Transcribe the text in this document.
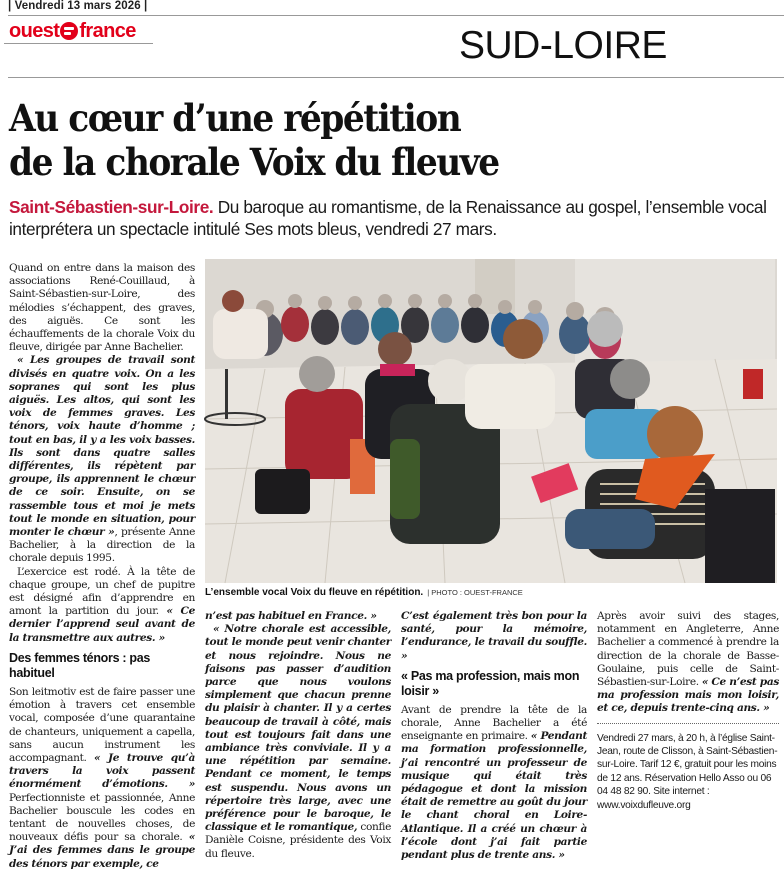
| Vendredi 13 mars 2026 |
ouest france	SUD-LOIRE
Au cœur d’une répétition
de la chorale Voix du fleuve
Saint-Sébastien-sur-Loire. Du baroque au romantisme, de la Renaissance au gospel, l’ensemble vocal interprétera un spectacle intitulé Ses mots bleus, vendredi 27 mars.

Quand on entre dans la maison des associations René-Couillaud, à Saint-Sébastien-sur-Loire, des mélodies s’échappent, des graves, des aiguës. Ce sont les échauffements de la chorale Voix du fleuve, dirigée par Anne Bachelier.

« Les groupes de travail sont divisés en quatre voix. On a les sopranes qui sont les plus aiguës. Les altos, qui sont les voix de femmes graves. Les ténors, voix haute d’homme ; tout en bas, il y a les voix basses. Ils sont dans quatre salles différentes, ils répètent par groupe, ils apprennent le chœur de ce soir. Ensuite, on se rassemble tous et moi je mets tout le monde en situation, pour monter le chœur », présente Anne Bachelier, à la direction de la chorale depuis 1995.

L’exercice est rodé. À la tête de chaque groupe, un chef de pupitre est désigné afin d’apprendre en amont la partition du jour. « Ce dernier l’apprend seul avant de la transmettre aux autres. »

Des femmes ténors : pas habituel

Son leitmotiv est de faire passer une émotion à travers cet ensemble vocal, composée d’une quarantaine de chanteurs, uniquement a capella, sans aucun instrument les accompagnant. « Je trouve qu’à travers la voix passent énormément d’émotions. » Perfectionniste et passionnée, Anne Bachelier bouscule les codes en tentant de nouvelles choses, de nouveaux défis pour sa chorale. « J’ai des femmes dans le groupe des ténors par exemple, ce

L’ensemble vocal Voix du fleuve en répétition. | PHOTO : OUEST-FRANCE

n’est pas habituel en France. »

« Notre chorale est accessible, tout le monde peut venir chanter et nous rejoindre. Nous ne faisons pas passer d’audition parce que nous voulons simplement que chacun prenne du plaisir à chanter. Il y a certes beaucoup de travail à côté, mais tout est toujours fait dans une ambiance très conviviale. Il y a une répétition par semaine. Pendant ce moment, le temps est suspendu. Nous avons un répertoire très large, avec une préférence pour le baroque, le classique et le romantique, confie Danièle Coisne, présidente des Voix du fleuve.

C’est également très bon pour la santé, pour la mémoire, l’endurance, le travail du souffle. »

« Pas ma profession, mais mon loisir »

Avant de prendre la tête de la chorale, Anne Bachelier a été enseignante en primaire. « Pendant ma formation professionnelle, j’ai rencontré un professeur de musique qui était très pédagogue et dont la mission était de remettre au goût du jour le chant choral en Loire-Atlantique. Il a créé un chœur à l’école dont j’ai fait partie pendant plus de trente ans. »

Après avoir suivi des stages, notamment en Angleterre, Anne Bachelier a commencé à prendre la direction de la chorale de Basse-Goulaine, puis celle de Saint-Sébastien-sur-Loire. « Ce n’est pas ma profession mais mon loisir, et ce, depuis trente-cinq ans. »

Vendredi 27 mars, à 20 h, à l’église Saint-Jean, route de Clisson, à Saint-Sébastien-sur-Loire. Tarif 12 €, gratuit pour les moins de 12 ans. Réservation Hello Asso ou 06 04 48 82 90. Site internet : www.voixdufleuve.org
